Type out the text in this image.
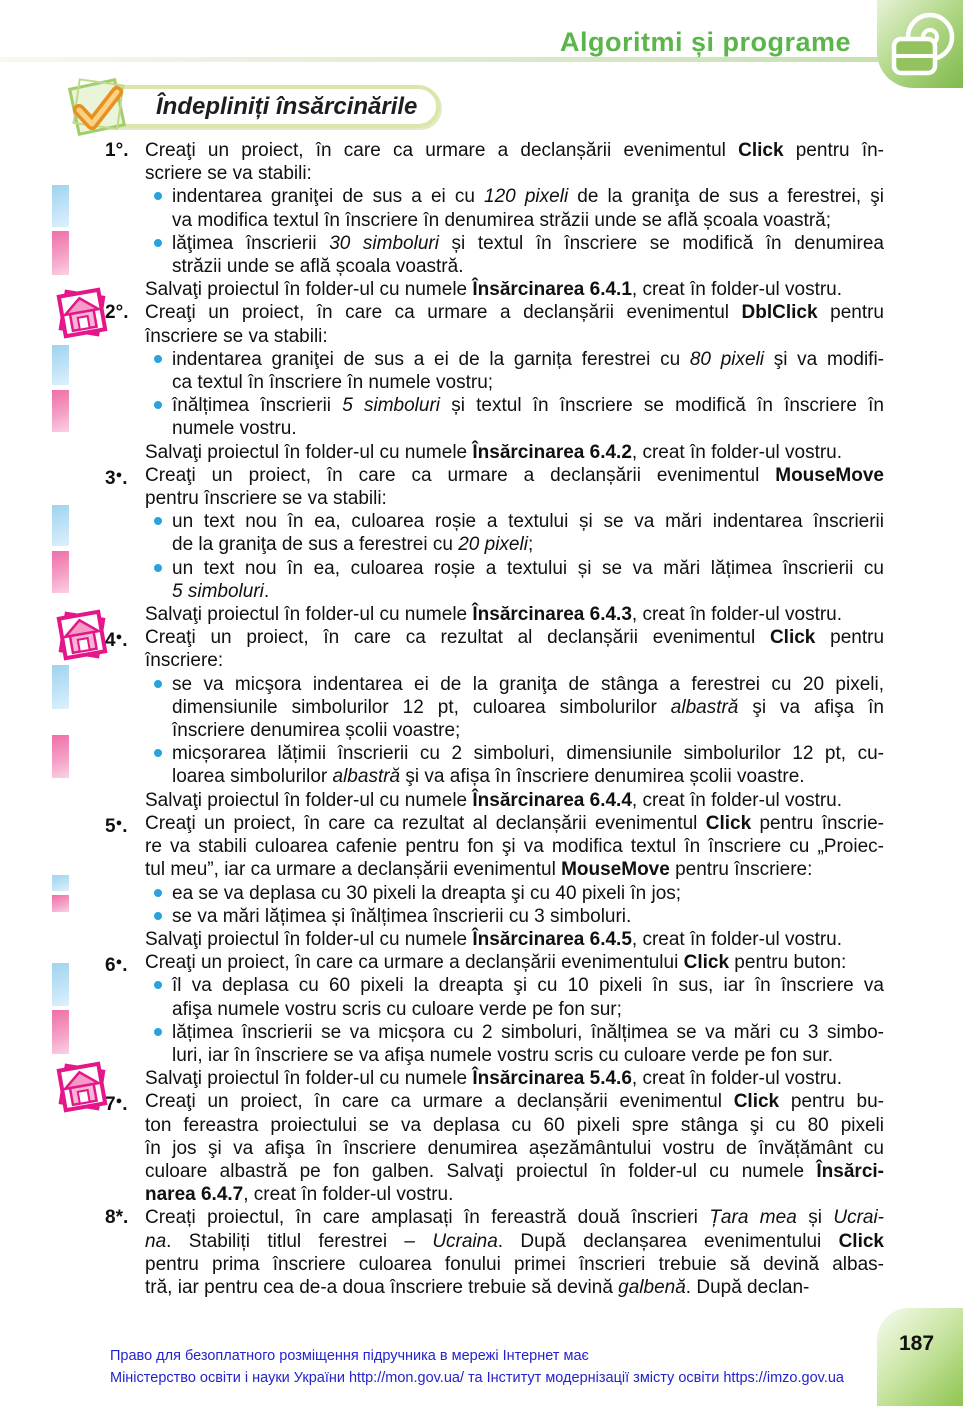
Algoritmi și programe
Îndepliniți însărcinările
1°. Creaţi un proiect, în care ca urmare a declanșării evenimentul Click pentru în-
scriere se va stabili:
indentarea graniţei de sus a ei cu 120 pixeli de la graniţa de sus a ferestrei, şi
va modifica textul în înscriere în denumirea străzii unde se află școala voastră;
lăţimea înscrierii 30 simboluri și textul în înscriere se modifică în denumirea
străzii unde se află școala voastră.
Salvaţi proiectul în folder-ul cu numele Însărcinarea 6.4.1, creat în folder-ul vostru.
2°. Creaţi un proiect, în care ca urmare a declanșării evenimentul DblClick pentru
înscriere se va stabili:
indentarea graniţei de sus a ei de la garnița ferestrei cu 80 pixeli şi va modifi-
ca textul în înscriere în numele vostru;
înălțimea înscrierii 5 simboluri și textul în înscriere se modifică în înscriere în
numele vostru.
Salvaţi proiectul în folder-ul cu numele Însărcinarea 6.4.2, creat în folder-ul vostru.
3●. Creaţi un proiect, în care ca urmare a declanșării evenimentul MouseMove
pentru înscriere se va stabili:
un text nou în ea, culoarea roșie a textului și se va mări indentarea înscrierii
de la graniţa de sus a ferestrei cu 20 pixeli;
un text nou în ea, culoarea roșie a textului și se va mări lățimea înscrierii cu
5 simboluri.
Salvaţi proiectul în folder-ul cu numele Însărcinarea 6.4.3, creat în folder-ul vostru.
4●. Creaţi un proiect, în care ca rezultat al declanșării evenimentul Click pentru
înscriere:
se va micşora indentarea ei de la graniţa de stânga a ferestrei cu 20 pixeli,
dimensiunile simbolurilor 12 pt, culoarea simbolurilor albastră şi va afişa în
înscriere denumirea școlii voastre;
micșorarea lățimii înscrierii cu 2 simboluri, dimensiunile simbolurilor 12 pt, cu-
loarea simbolurilor albastră şi va afișa în înscriere denumirea școlii voastre.
Salvaţi proiectul în folder-ul cu numele Însărcinarea 6.4.4, creat în folder-ul vostru.
5●. Creaţi un proiect, în care ca rezultat al declanșării evenimentul Click pentru înscrie-
re va stabili culoarea cafenie pentru fon şi va modifica textul în înscriere cu „Proiec-
tul meu”, iar ca urmare a declanșării evenimentul MouseMove pentru înscriere:
ea se va deplasa cu 30 pixeli la dreapta şi cu 40 pixeli în jos;
se va mări lățimea și înălțimea înscrierii cu 3 simboluri.
Salvaţi proiectul în folder-ul cu numele Însărcinarea 6.4.5, creat în folder-ul vostru.
6●. Creaţi un proiect, în care ca urmare a declanșării evenimentului Click pentru buton:
îl va deplasa cu 60 pixeli la dreapta şi cu 10 pixeli în sus, iar în înscriere va
afişa numele vostru scris cu culoare verde pe fon sur;
lățimea înscrierii se va micșora cu 2 simboluri, înălțimea se va mări cu 3 simbo-
luri, iar în înscriere se va afişa numele vostru scris cu culoare verde pe fon sur.
Salvaţi proiectul în folder-ul cu numele Însărcinarea 5.4.6, creat în folder-ul vostru.
7●. Creaţi un proiect, în care ca urmare a declanșării evenimentul Click pentru bu-
ton fereastra proiectului se va deplasa cu 60 pixeli spre stânga şi cu 80 pixeli
în jos şi va afişa în înscriere denumirea așezământului vostru de învățământ cu
culoare albastră pe fon galben. Salvaţi proiectul în folder-ul cu numele Însărci-
narea 6.4.7, creat în folder-ul vostru.
8*. Creați proiectul, în care amplasați în fereastră două înscrieri Țara mea și Ucrai-
na. Stabiliți titlul ferestrei – Ucraina. După declanșarea evenimentului Click
pentru prima înscriere culoarea fonului primei înscrieri trebuie să devină albas-
tră, iar pentru cea de-a doua înscriere trebuie să devină galbenă. După declan-
Право для безоплатного розміщення підручника в мережі Інтернет має
Міністерство освіти і науки України http://mon.gov.ua/ та Інститут модернізації змісту освіти https://imzo.gov.ua
187
